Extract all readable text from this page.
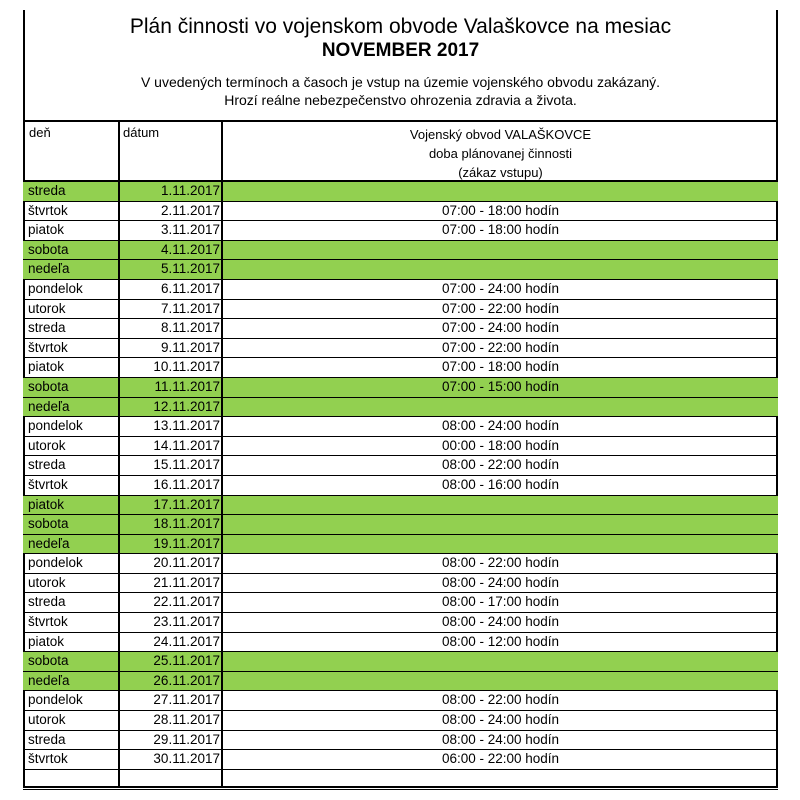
Plán činnosti vo vojenskom obvode Valaškovce na mesiac
NOVEMBER 2017
V uvedených termínoch a časoch je vstup na územie vojenského obvodu zakázaný.
Hrozí reálne nebezpečenstvo ohrozenia zdravia a života.
deň	dátum	Vojenský obvod VALAŠKOVCE
doba plánovanej činnosti
(zákaz vstupu)
streda	1.11.2017
štvrtok	2.11.2017	07:00 - 18:00 hodín
piatok	3.11.2017	07:00 - 18:00 hodín
sobota	4.11.2017
nedeľa	5.11.2017
pondelok	6.11.2017	07:00 - 24:00 hodín
utorok	7.11.2017	07:00 - 22:00 hodín
streda	8.11.2017	07:00 - 24:00 hodín
štvrtok	9.11.2017	07:00 - 22:00 hodín
piatok	10.11.2017	07:00 - 18:00 hodín
sobota	11.11.2017	07:00 - 15:00 hodín
nedeľa	12.11.2017
pondelok	13.11.2017	08:00 - 24:00 hodín
utorok	14.11.2017	00:00 - 18:00 hodín
streda	15.11.2017	08:00 - 22:00 hodín
štvrtok	16.11.2017	08:00 - 16:00 hodín
piatok	17.11.2017
sobota	18.11.2017
nedeľa	19.11.2017
pondelok	20.11.2017	08:00 - 22:00 hodín
utorok	21.11.2017	08:00 - 24:00 hodín
streda	22.11.2017	08:00 - 17:00 hodín
štvrtok	23.11.2017	08:00 - 24:00 hodín
piatok	24.11.2017	08:00 - 12:00 hodín
sobota	25.11.2017
nedeľa	26.11.2017
pondelok	27.11.2017	08:00 - 22:00 hodín
utorok	28.11.2017	08:00 - 24:00 hodín
streda	29.11.2017	08:00 - 24:00 hodín
štvrtok	30.11.2017	06:00 - 22:00 hodín
